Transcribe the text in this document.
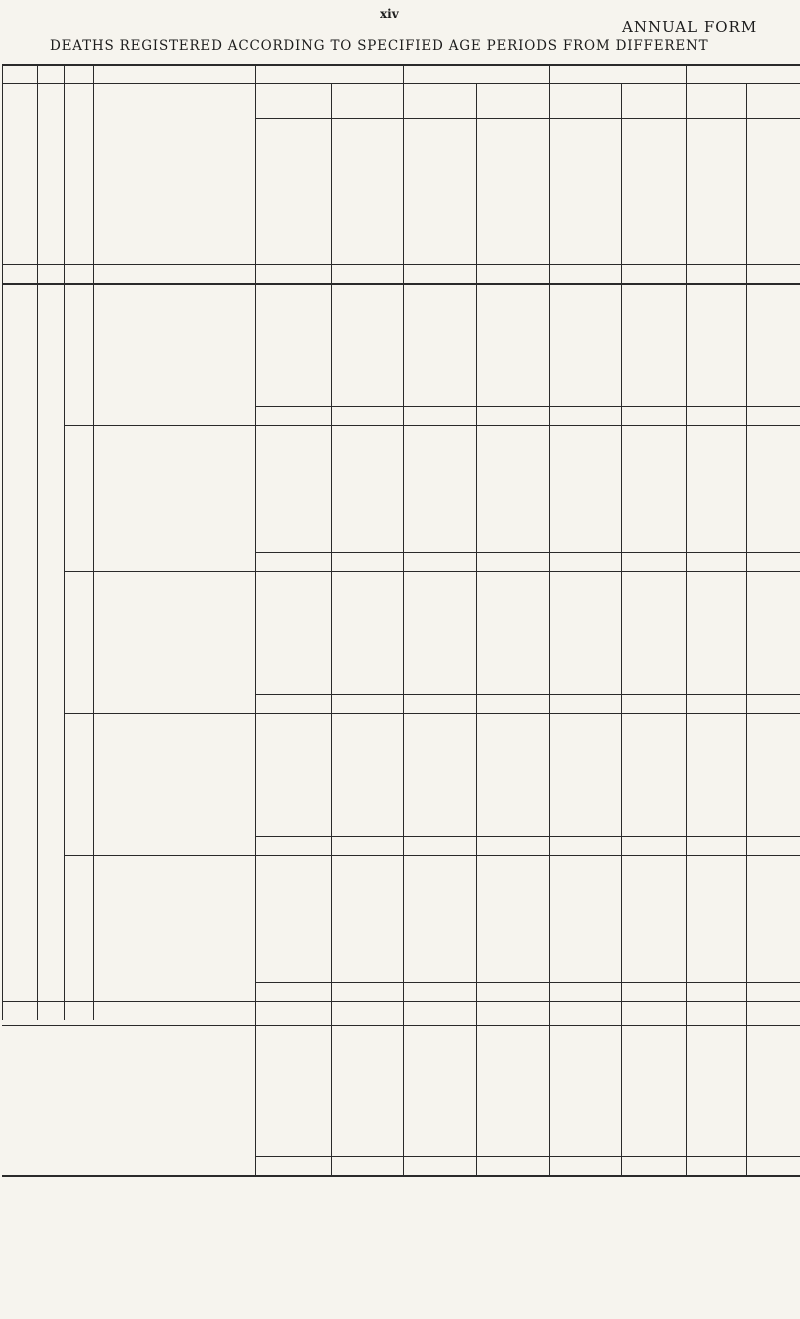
xiv
ANNUAL FORM
DEATHS REGISTERED ACCORDING TO SPECIFIED AGE PERIODS FROM DIFFERENT
